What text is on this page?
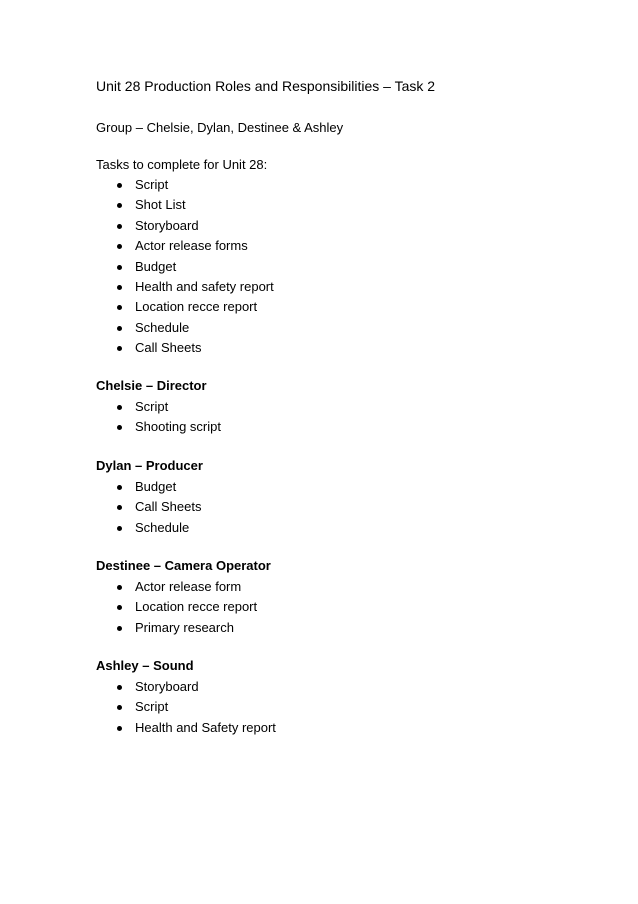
Unit 28 Production Roles and Responsibilities – Task 2
Group – Chelsie, Dylan, Destinee & Ashley
Tasks to complete for Unit 28:
Script
Shot List
Storyboard
Actor release forms
Budget
Health and safety report
Location recce report
Schedule
Call Sheets
Chelsie – Director
Script
Shooting script
Dylan – Producer
Budget
Call Sheets
Schedule
Destinee – Camera Operator
Actor release form
Location recce report
Primary research
Ashley – Sound
Storyboard
Script
Health and Safety report
